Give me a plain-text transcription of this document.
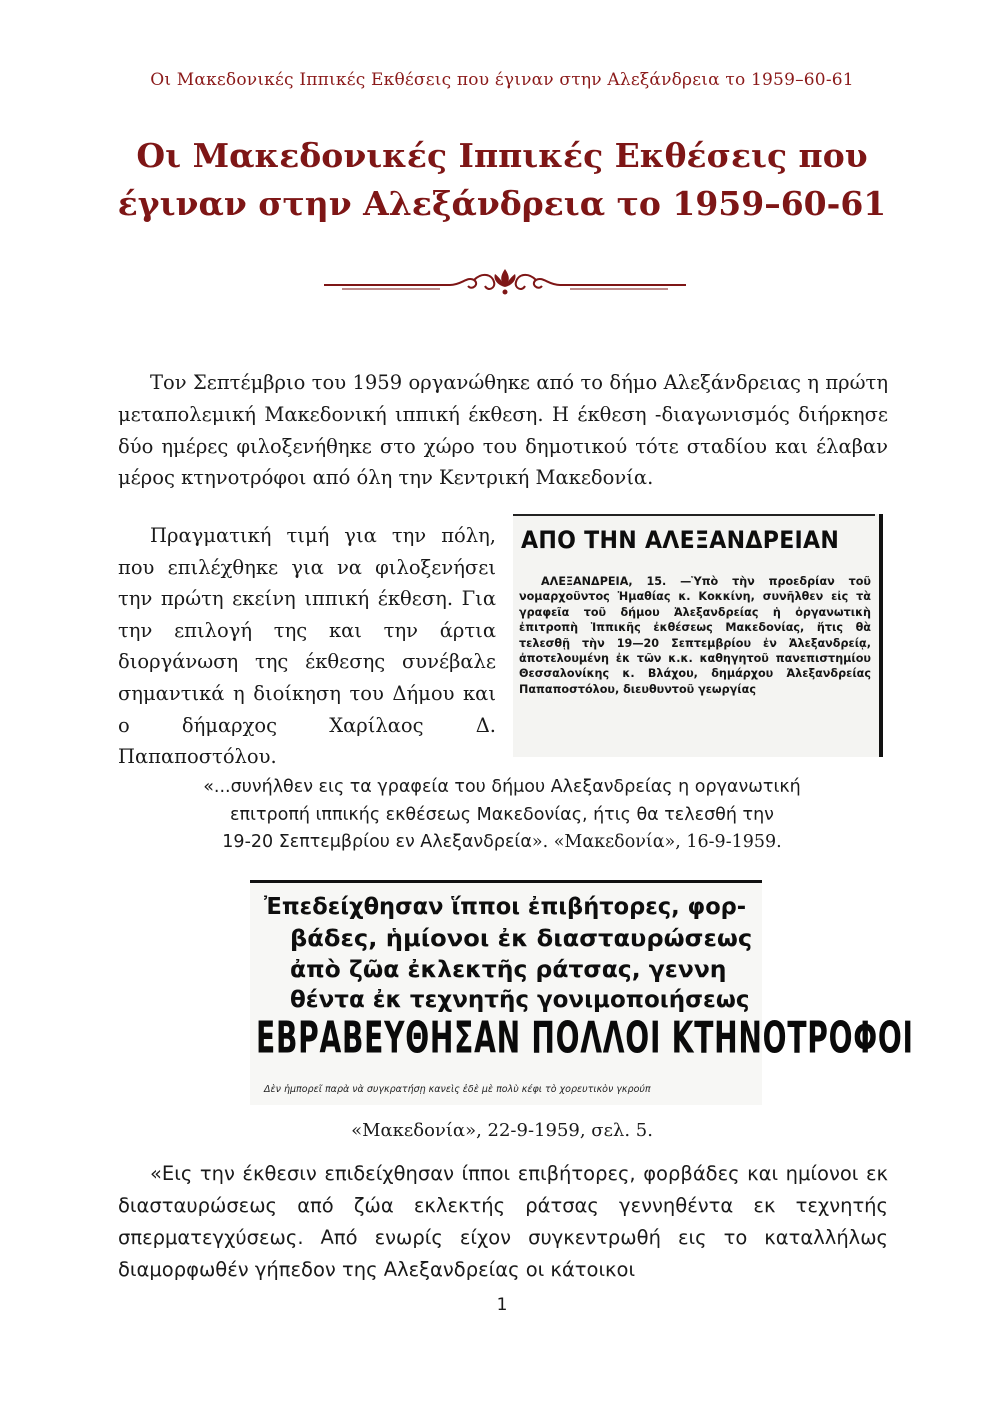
Οι Μακεδονικές Ιππικές Εκθέσεις που έγιναν στην Αλεξάνδρεια το 1959–60-61
Οι Μακεδονικές Ιππικές Εκθέσεις που
έγιναν στην Αλεξάνδρεια το 1959–60-61

Τον Σεπτέμβριο του 1959 οργανώθηκε από το δήμο Αλεξάνδρειας η πρώτη μεταπολεμική Μακεδονική ιππική έκθεση. Η έκθεση -διαγωνισμός διήρκησε δύο ημέρες φιλοξενήθηκε στο χώρο του δημοτικού τότε σταδίου και έλαβαν μέρος κτηνοτρόφοι από όλη την Κεντρική Μακεδονία.

Πραγματική τιμή για την πόλη, που επιλέχθηκε για να φιλοξενήσει την πρώτη εκείνη ιππική έκθεση. Για την επιλογή της και την άρτια διοργάνωση της έκθεσης συνέβαλε σημαντικά η διοίκηση του Δήμου και ο δήμαρχος Χαρίλαος Δ. Παπαποστόλου.

ΑΠΟ ΤΗΝ ΑΛΕΞΑΝΔΡΕΙΑΝ
ΑΛΕΞΑΝΔΡΕΙΑ, 15. —Ὑπὸ τὴν προεδρίαν τοῦ νομαρχοῦντος Ἠμαθίας κ. Κοκκίνη, συνῆλθεν εἰς τὰ γραφεῖα τοῦ δήμου Ἀλεξανδρείας ἡ ὀργανωτικὴ ἐπιτροπὴ Ἱππικῆς ἐκθέσεως Μακεδονίας, ἥτις θὰ τελεσθῇ τὴν 19—20 Σεπτεμβρίου ἐν Ἀλεξανδρείᾳ, ἀποτελουμένη ἐκ τῶν κ.κ. καθηγητοῦ πανεπιστημίου Θεσσαλονίκης κ. Βλάχου, δημάρχου Ἀλεξανδρείας Παπαποστόλου, διευθυντοῦ γεωργίας
«...συνήλθεν εις τα γραφεία του δήμου Αλεξανδρείας η οργανωτική
επιτροπή ιππικής εκθέσεως Μακεδονίας, ήτις θα τελεσθή την
19-20 Σεπτεμβρίου εν Αλεξανδρεία». «Μακεδονία», 16-9-1959.
Ἐπεδείχθησαν ἵπποι ἐπιβήτορες, φορ-
βάδες, ἡμίονοι ἐκ διασταυρώσεως
ἀπὸ ζῶα ἐκλεκτῆς ράτσας, γεννη
θέντα ἐκ τεχνητῆς γονιμοποιήσεως
ΕΒΡΑΒΕΥΘΗΣΑΝ ΠΟΛΛΟΙ ΚΤΗΝΟΤΡΟΦΟΙ
Δὲν ἠμπορεῖ παρὰ νὰ συγκρατήσῃ κανεὶς ἐδὲ μὲ πολὺ κέφι τὸ χορευτικὸν γκρούπ
«Μακεδονία», 22-9-1959, σελ. 5.

«Εις την έκθεσιν επιδείχθησαν ίπποι επιβήτορες, φορβάδες και ημίονοι εκ διασταυρώσεως από ζώα εκλεκτής ράτσας γεννηθέντα εκ τεχνητής σπερματεγχύσεως. Από ενωρίς είχον συγκεντρωθή εις το καταλλήλως διαμορφωθέν γήπεδον της Αλεξανδρείας οι κάτοικοι

1
